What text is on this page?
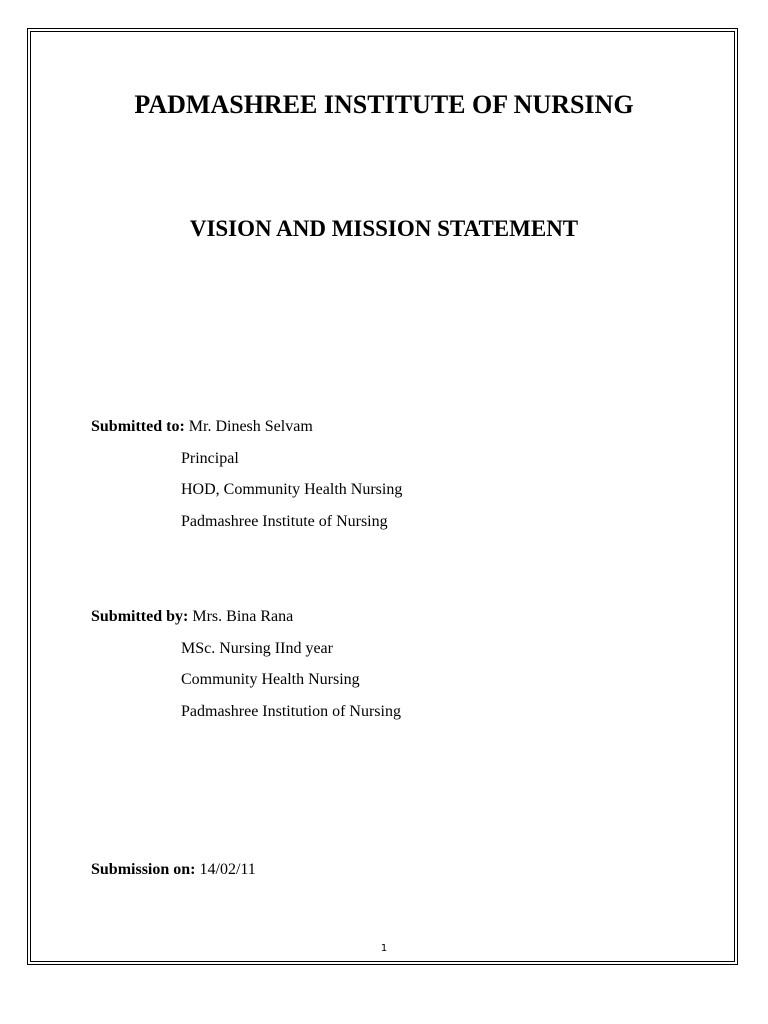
PADMASHREE INSTITUTE OF NURSING
VISION AND MISSION STATEMENT
Submitted to: Mr. Dinesh Selvam
Principal
HOD, Community Health Nursing
Padmashree Institute of Nursing
Submitted by: Mrs. Bina Rana
MSc. Nursing IInd year
Community Health Nursing
Padmashree Institution of Nursing
Submission on: 14/02/11
1
